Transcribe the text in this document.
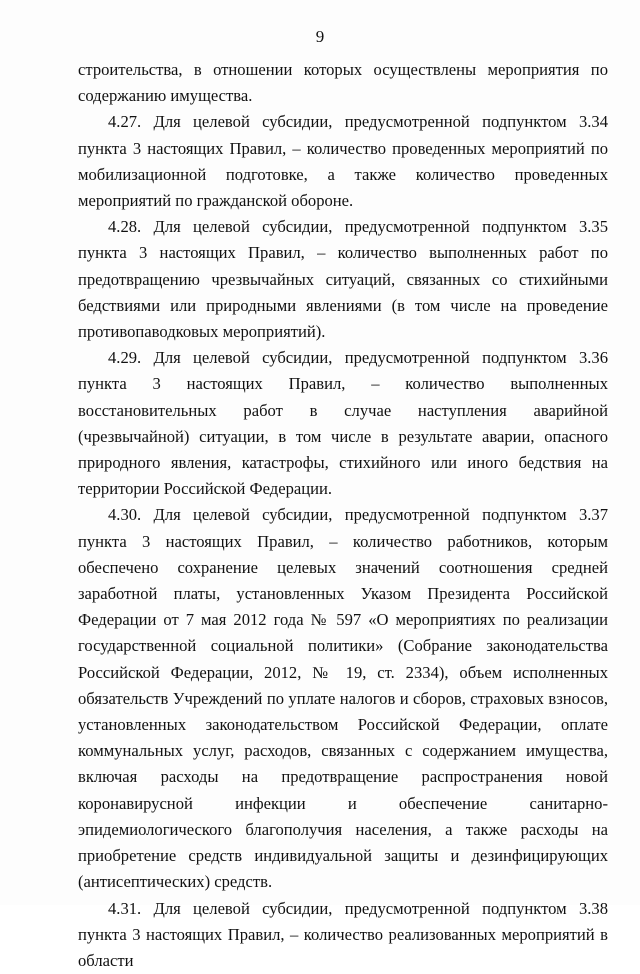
9

строительства, в отношении которых осуществлены мероприятия по содержанию имущества.

4.27. Для целевой субсидии, предусмотренной подпунктом 3.34 пункта 3 настоящих Правил, – количество проведенных мероприятий по мобилизационной подготовке, а также количество проведенных мероприятий по гражданской обороне.

4.28. Для целевой субсидии, предусмотренной подпунктом 3.35 пункта 3 настоящих Правил, – количество выполненных работ по предотвращению чрезвычайных ситуаций, связанных со стихийными бедствиями или природными явлениями (в том числе на проведение противопаводковых мероприятий).

4.29. Для целевой субсидии, предусмотренной подпунктом 3.36 пункта 3 настоящих Правил, – количество выполненных восстановительных работ в случае наступления аварийной (чрезвычайной) ситуации, в том числе в результате аварии, опасного природного явления, катастрофы, стихийного или иного бедствия на территории Российской Федерации.

4.30. Для целевой субсидии, предусмотренной подпунктом 3.37 пункта 3 настоящих Правил, – количество работников, которым обеспечено сохранение целевых значений соотношения средней заработной платы, установленных Указом Президента Российской Федерации от 7 мая 2012 года № 597 «О мероприятиях по реализации государственной социальной политики» (Собрание законодательства Российской Федерации, 2012, № 19, ст. 2334), объем исполненных обязательств Учреждений по уплате налогов и сборов, страховых взносов, установленных законодательством Российской Федерации, оплате коммунальных услуг, расходов, связанных с содержанием имущества, включая расходы на предотвращение распространения новой коронавирусной инфекции и обеспечение санитарно-эпидемиологического благополучия населения, а также расходы на приобретение средств индивидуальной защиты и дезинфицирующих (антисептических) средств.

4.31. Для целевой субсидии, предусмотренной подпунктом 3.38 пункта 3 настоящих Правил, – количество реализованных мероприятий в области
